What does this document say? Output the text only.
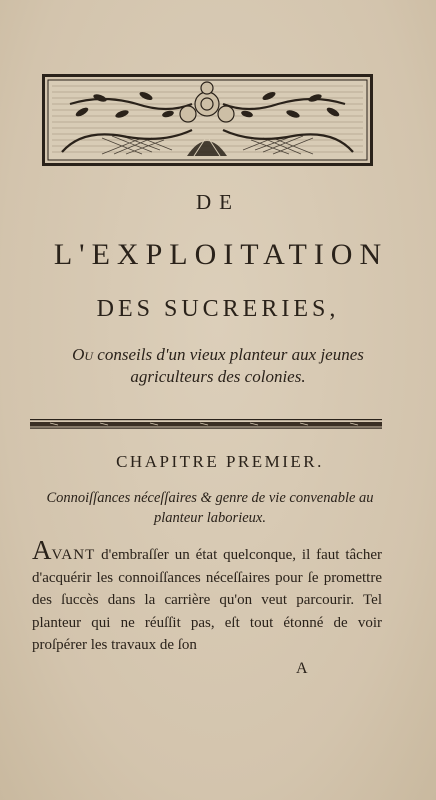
DE
L'EXPLOITATION
DES SUCRERIES,
Ou conseils d'un vieux planteur aux jeunes agriculteurs des colonies.
CHAPITRE PREMIER.
Connoiſſances néceſſaires & genre de vie convenable au planteur laborieux.
AVANT d'embraſſer un état quelconque, il faut tâcher d'acquérir les connoiſſances néceſſaires pour ſe promettre des ſuccès dans la carrière qu'on veut parcourir. Tel planteur qui ne réuſſit pas, eſt tout étonné de voir proſpérer les travaux de ſon
A
